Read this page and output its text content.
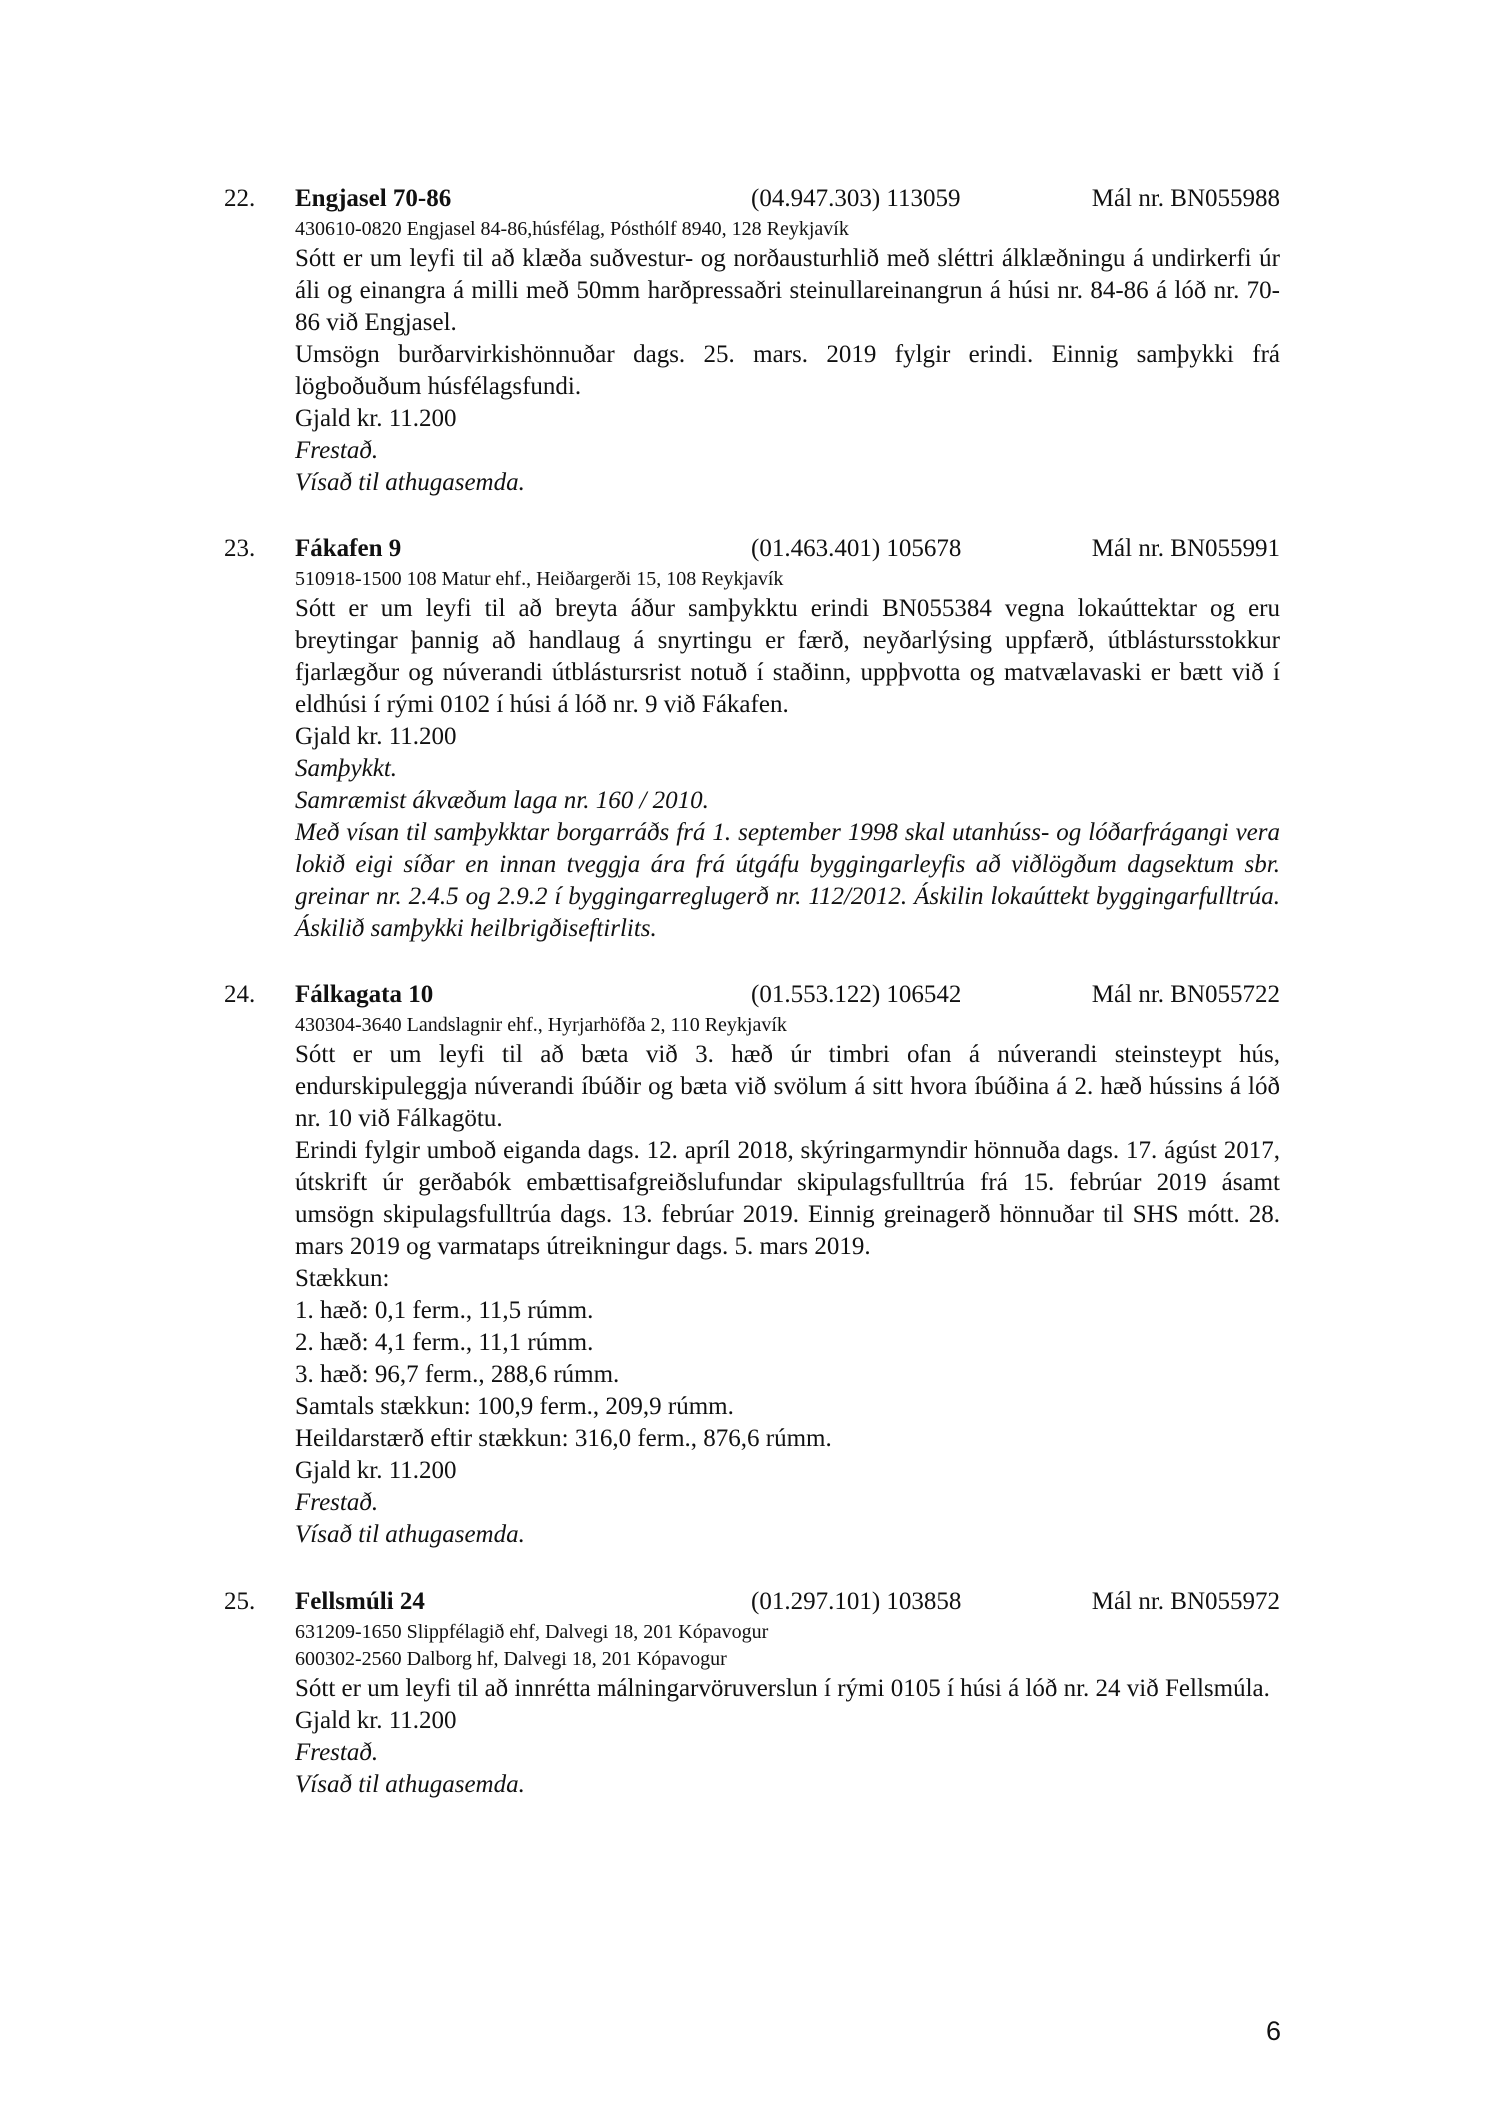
22. Engjasel 70-86	(04.947.303) 113059	Mál nr. BN055988
430610-0820 Engjasel 84-86,húsfélag, Pósthólf 8940, 128 Reykjavík
Sótt er um leyfi til að klæða suðvestur- og norðausturhlið með sléttri álklæðningu á undirkerfi úr áli og einangra á milli með 50mm harðpressaðri steinullareinangrun á húsi nr. 84-86 á lóð nr. 70-86 við Engjasel.
Umsögn burðarvirkishönnuðar dags. 25. mars. 2019 fylgir erindi. Einnig samþykki frá lögboðuðum húsfélagsfundi.
Gjald kr. 11.200
Frestað.
Vísað til athugasemda.
23. Fákafen 9	(01.463.401) 105678	Mál nr. BN055991
510918-1500 108 Matur ehf., Heiðargerði 15, 108 Reykjavík
Sótt er um leyfi til að breyta áður samþykktu erindi BN055384 vegna lokaúttektar og eru breytingar þannig að handlaug á snyrtingu er færð, neyðarlýsing uppfærð, útblástursstokkur fjarlægður og núverandi útblástursrist notuð í staðinn, uppþvotta og matvælavaski er bætt við í eldhúsi í rými 0102 í húsi á lóð nr. 9 við Fákafen.
Gjald kr. 11.200
Samþykkt.
Samræmist ákvæðum laga nr. 160 / 2010.
Með vísan til samþykktar borgarráðs frá 1. september 1998 skal utanhúss- og lóðarfrágangi vera lokið eigi síðar en innan tveggja ára frá útgáfu byggingarleyfis að viðlögðum dagsektum sbr. greinar nr. 2.4.5 og 2.9.2 í byggingarreglugerð nr. 112/2012. Áskilin lokaúttekt byggingarfulltrúa. Áskilið samþykki heilbrigðiseftirlits.
24. Fálkagata 10	(01.553.122) 106542	Mál nr. BN055722
430304-3640 Landslagnir ehf., Hyrjarhöfða 2, 110 Reykjavík
Sótt er um leyfi til að bæta við 3. hæð úr timbri ofan á núverandi steinsteypt hús, endurskipuleggja núverandi íbúðir og bæta við svölum á sitt hvora íbúðina á 2. hæð hússins á lóð nr. 10 við Fálkagötu.
Erindi fylgir umboð eiganda dags. 12. apríl 2018, skýringarmyndir hönnuða dags. 17. ágúst 2017, útskrift úr gerðabók embættisafgreiðslufundar skipulagsfulltrúa frá 15. febrúar 2019 ásamt umsögn skipulagsfulltrúa dags. 13. febrúar 2019. Einnig greinagerð hönnuðar til SHS mótt. 28. mars 2019 og varmataps útreikningur dags. 5. mars 2019.
Stækkun:
1. hæð: 0,1 ferm., 11,5 rúmm.
2. hæð: 4,1 ferm., 11,1 rúmm.
3. hæð: 96,7 ferm., 288,6 rúmm.
Samtals stækkun: 100,9 ferm., 209,9 rúmm.
Heildarstærð eftir stækkun: 316,0 ferm., 876,6 rúmm.
Gjald kr. 11.200
Frestað.
Vísað til athugasemda.
25. Fellsmúli 24	(01.297.101) 103858	Mál nr. BN055972
631209-1650 Slippfélagið ehf, Dalvegi 18, 201 Kópavogur
600302-2560 Dalborg hf, Dalvegi 18, 201 Kópavogur
Sótt er um leyfi til að innrétta málningarvöruverslun í rými 0105 í húsi á lóð nr. 24 við Fellsmúla.
Gjald kr. 11.200
Frestað.
Vísað til athugasemda.
6
